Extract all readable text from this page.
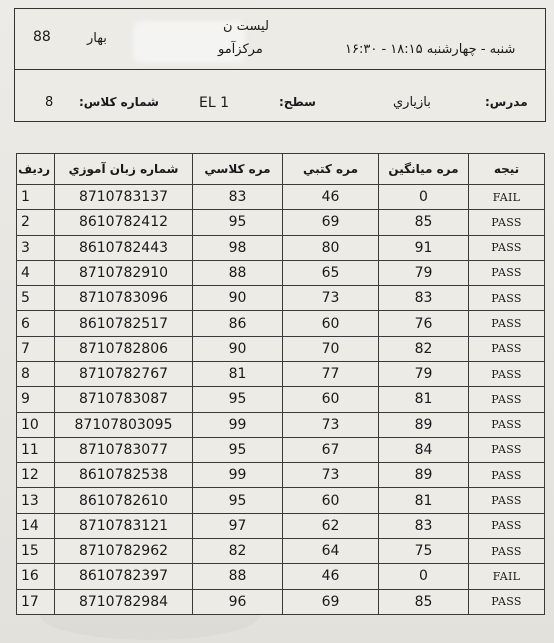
88
لیست ن
بهار
مرکزآمو	شنبه - چهارشنبه ۱۸:۱۵ - ۱۶:۳۰
8 شماره کلاس:	EL 1	سطح:	بازياري	مدرس:
رديف	شماره زبان آموزي	مره کلاسي	مره کتبي	مره میانگین	تیجه
1	8710783137	83	46	0	FAIL
2	8610782412	95	69	85	PASS
3	8610782443	98	80	91	PASS
4	8710782910	88	65	79	PASS
5	8710783096	90	73	83	PASS
6	8610782517	86	60	76	PASS
7	8710782806	90	70	82	PASS
8	8710782767	81	77	79	PASS
9	8710783087	95	60	81	PASS
10	87107803095	99	73	89	PASS
11	8710783077	95	67	84	PASS
12	8610782538	99	73	89	PASS
13	8610782610	95	60	81	PASS
14	8710783121	97	62	83	PASS
15	8710782962	82	64	75	PASS
16	8610782397	88	46	0	FAIL
17	8710782984	96	69	85	PASS
